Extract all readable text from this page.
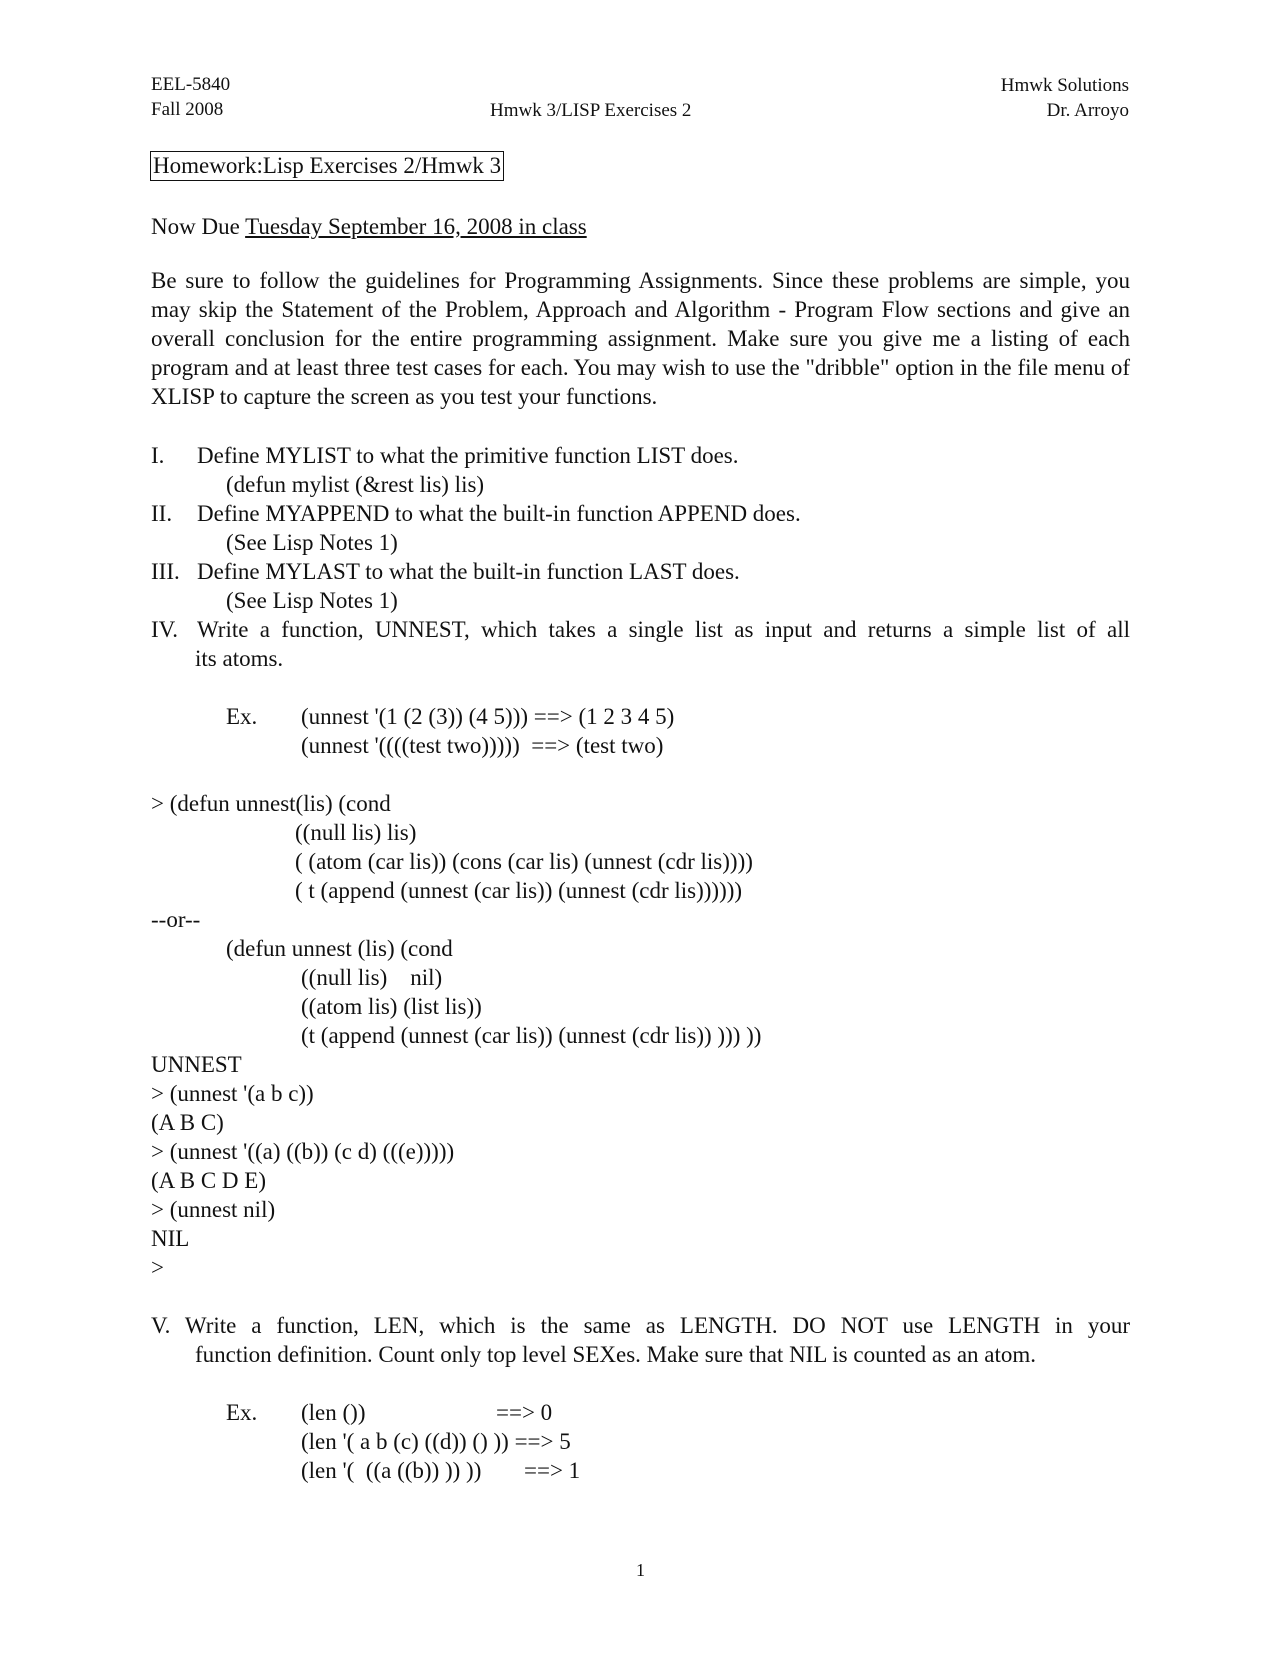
EEL-5840
Fall 2008	Hmwk 3/LISP Exercises 2
Hmwk Solutions
Dr. Arroyo
Homework:Lisp Exercises 2/Hmwk 3
Now Due Tuesday September 16, 2008 in class
Be sure to follow the guidelines for Programming Assignments. Since these problems are simple, you may skip the Statement of the Problem, Approach and Algorithm - Program Flow sections and give an overall conclusion for the entire programming assignment. Make sure you give me a listing of each program and at least three test cases for each. You may wish to use the "dribble" option in the file menu of XLISP to capture the screen as you test your functions.
I. Define MYLIST to what the primitive function LIST does.
(defun mylist (&rest lis) lis)
II. Define MYAPPEND to what the built-in function APPEND does.
(See Lisp Notes 1)
III. Define MYLAST to what the built-in function LAST does.
(See Lisp Notes 1)
IV. Write a function, UNNEST, which takes a single list as input and returns a simple list of all
its atoms.
Ex. (unnest '(1 (2 (3)) (4 5))) ==> (1 2 3 4 5)
(unnest '((((test two)))))  ==> (test two)
> (defun unnest(lis) (cond
((null lis) lis)
( (atom (car lis)) (cons (car lis) (unnest (cdr lis))))
( t (append (unnest (car lis)) (unnest (cdr lis))))))
--or--
(defun unnest (lis) (cond
((null lis)    nil)
((atom lis) (list lis))
(t (append (unnest (car lis)) (unnest (cdr lis)) ))) ))
UNNEST
> (unnest '(a b c))
(A B C)
> (unnest '((a) ((b)) (c d) (((e)))))
(A B C D E)
> (unnest nil)
NIL
>
V. Write a function, LEN, which is the same as LENGTH. DO NOT use LENGTH in your
function definition. Count only top level SEXes. Make sure that NIL is counted as an atom.
Ex. (len ())	==> 0
(len '( a b (c) ((d)) () )) ==> 5
(len '(  ((a ((b)) )) )) ==> 1
1
